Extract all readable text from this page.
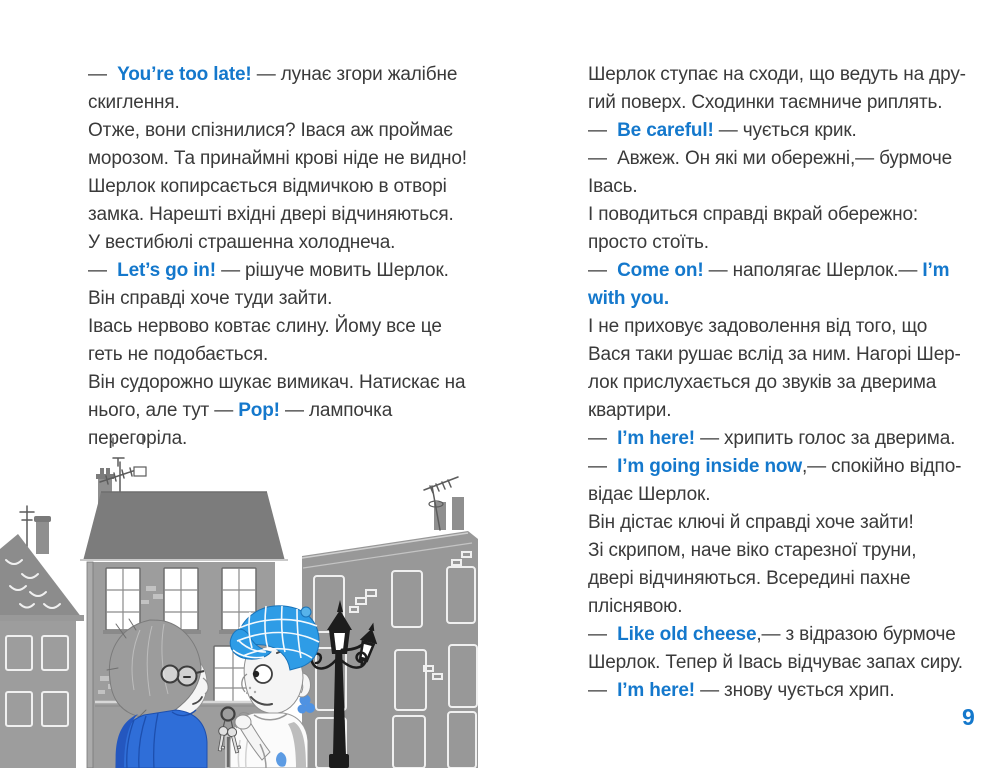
—  You’re too late! — лунає згори жалібне
скиглення.
Отже, вони спізнилися? Івася аж проймає
морозом. Та принаймні крові ніде не видно!
Шерлок копирсається відмичкою в отворі
замка. Нарешті вхідні двері відчиняються.
У вестибюлі страшенна холоднеча.
—  Let’s go in! — рішуче мовить Шерлок.
Він справді хоче туди зайти.
Івась нервово ковтає слину. Йому все це
геть не подобається.
Він судорожно шукає вимикач. Натискає на
нього, але тут — Pop! — лампочка
перегоріла.
Шерлок ступає на сходи, що ведуть на дру-
гий поверх. Сходинки таємниче риплять.
—  Be careful! — чується крик.
—  Авжеж. Он які ми обережні,— бурмоче
Івась.
І поводиться справді вкрай обережно:
просто стоїть.
—  Come on! — наполягає Шерлок.— I’m
with you.
І не приховує задоволення від того, що
Вася таки рушає вслід за ним. Нагорі Шер-
лок прислухається до звуків за дверима
квартири.
—  I’m here! — хрипить голос за дверима.
—  I’m going inside now,— спокійно відпо-
відає Шерлок.
Він дістає ключі й справді хоче зайти!
Зі скрипом, наче віко старезної труни,
двері відчиняються. Всередині пахне
пліснявою.
—  Like old cheese,— з відразою бурмоче
Шерлок. Тепер й Івась відчуває запах сиру.
—  I’m here! — знову чується хрип.
9
